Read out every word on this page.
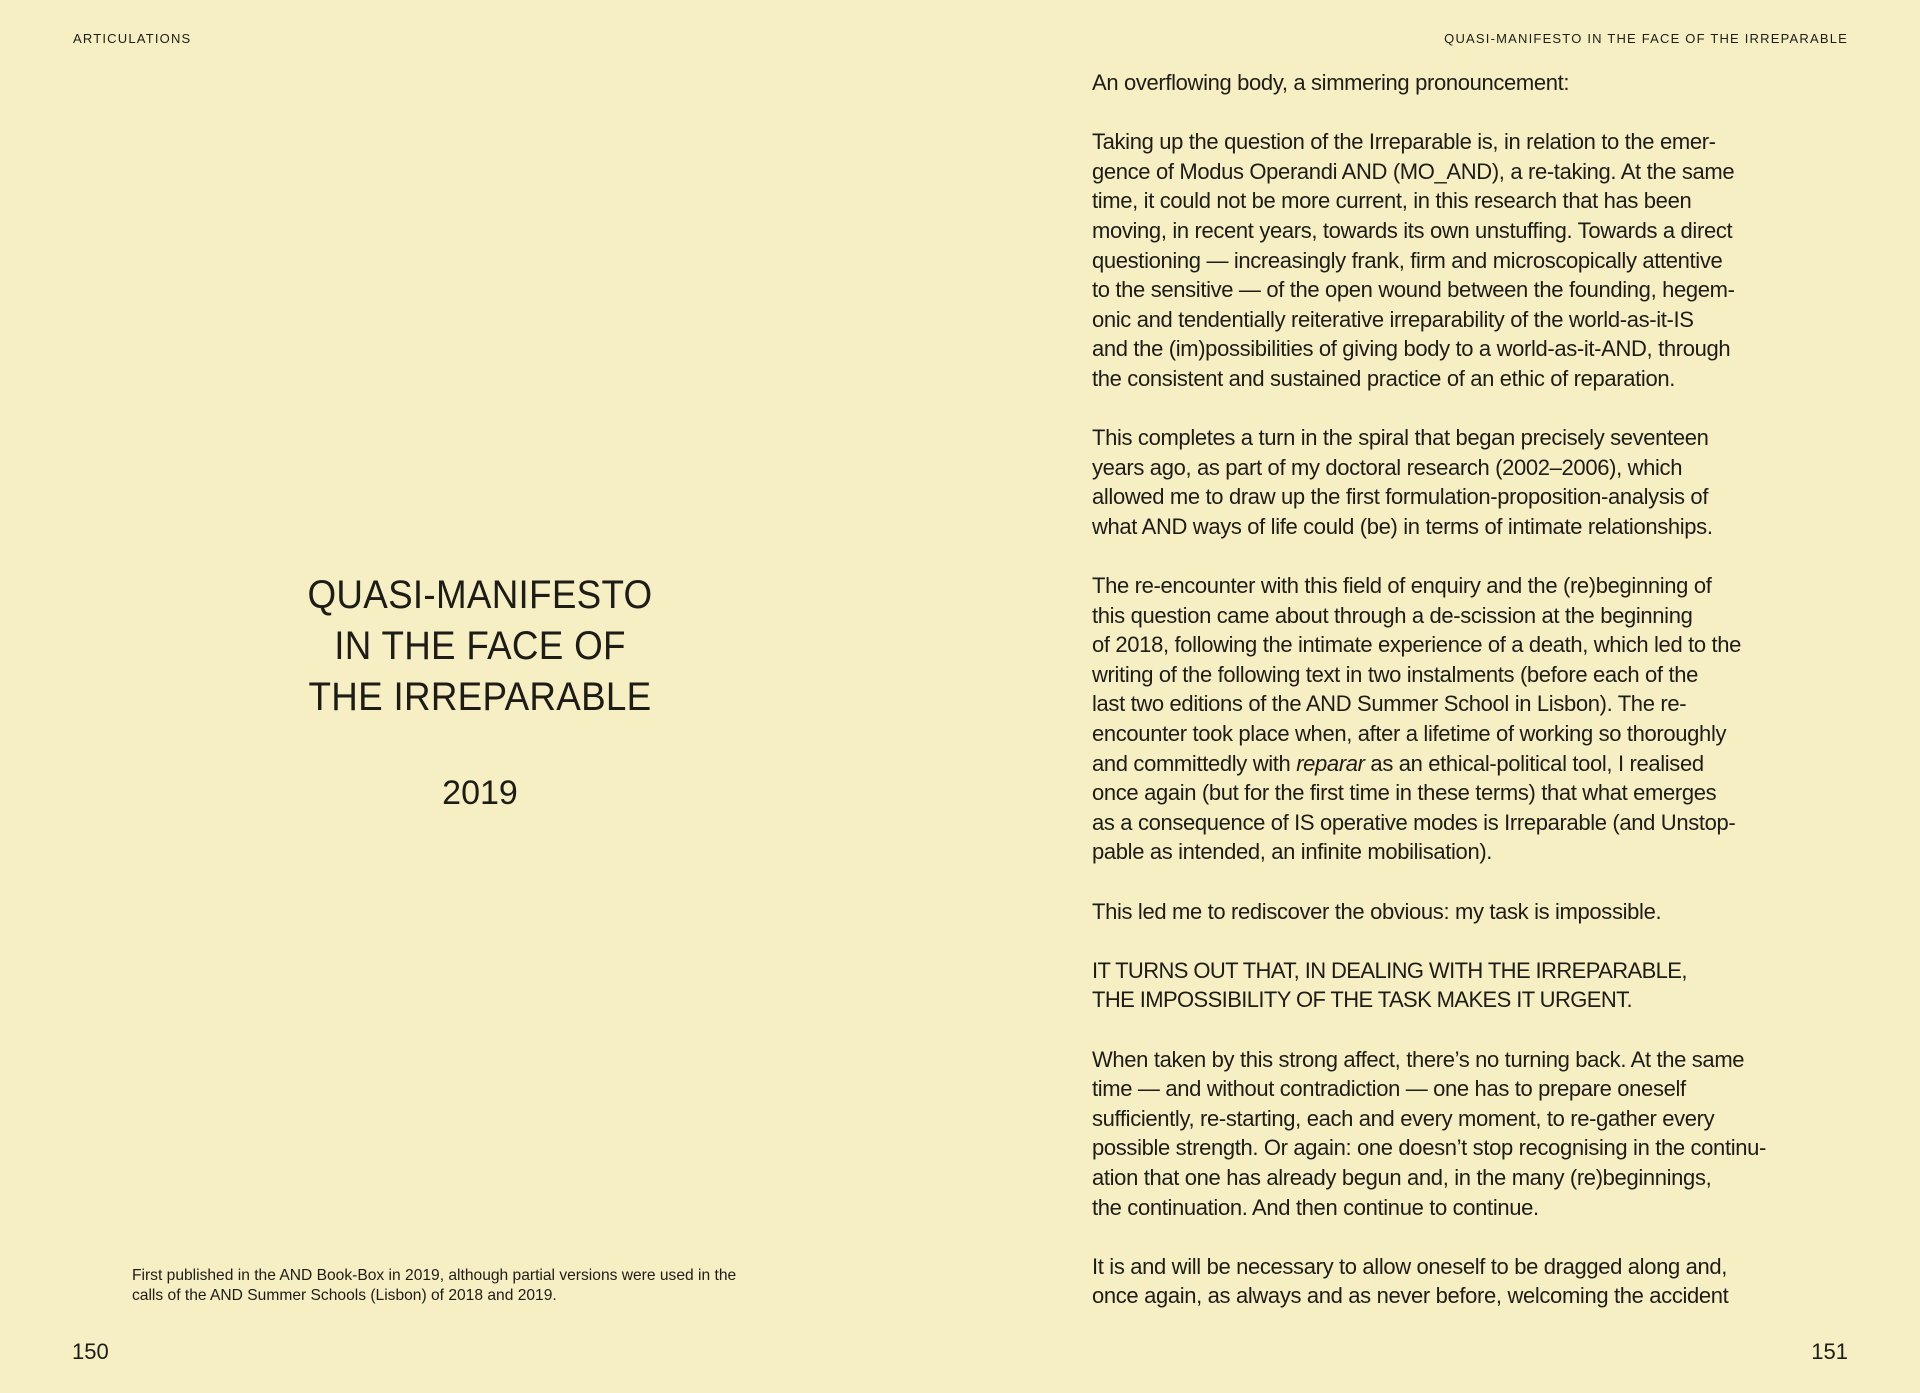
ARTICULATIONS
QUASI-MANIFESTO
IN THE FACE OF
THE IRREPARABLE
2019
First published in the AND Book-Box in 2019, although partial versions were used in the
calls of the AND Summer Schools (Lisbon) of 2018 and 2019.
150
QUASI-MANIFESTO IN THE FACE OF THE IRREPARABLE

An overflowing body, a simmering pronouncement:

Taking up the question of the Irreparable is, in relation to the emer-
gence of Modus Operandi AND (MO_AND), a re-taking. At the same
time, it could not be more current, in this research that has been
moving, in recent years, towards its own unstuffing. Towards a direct
questioning — increasingly frank, firm and microscopically attentive
to the sensitive — of the open wound between the founding, hegem-
onic and tendentially reiterative irreparability of the world-as-it-IS
and the (im)possibilities of giving body to a world-as-it-AND, through
the consistent and sustained practice of an ethic of reparation.

This completes a turn in the spiral that began precisely seventeen
years ago, as part of my doctoral research (2002–2006), which
allowed me to draw up the first formulation-proposition-analysis of
what AND ways of life could (be) in terms of intimate relationships.

The re-encounter with this field of enquiry and the (re)beginning of
this question came about through a de-scission at the beginning
of 2018, following the intimate experience of a death, which led to the
writing of the following text in two instalments (before each of the
last two editions of the AND Summer School in Lisbon). The re-
encounter took place when, after a lifetime of working so thoroughly
and committedly with reparar as an ethical-political tool, I realised
once again (but for the first time in these terms) that what emerges
as a consequence of IS operative modes is Irreparable (and Unstop-
pable as intended, an infinite mobilisation).

This led me to rediscover the obvious: my task is impossible.

IT TURNS OUT THAT, IN DEALING WITH THE IRREPARABLE,
THE IMPOSSIBILITY OF THE TASK MAKES IT URGENT.

When taken by this strong affect, there’s no turning back. At the same
time — and without contradiction — one has to prepare oneself
sufficiently, re-starting, each and every moment, to re-gather every
possible strength. Or again: one doesn’t stop recognising in the continu-
ation that one has already begun and, in the many (re)beginnings,
the continuation. And then continue to continue.

It is and will be necessary to allow oneself to be dragged along and,
once again, as always and as never before, welcoming the accident

151
